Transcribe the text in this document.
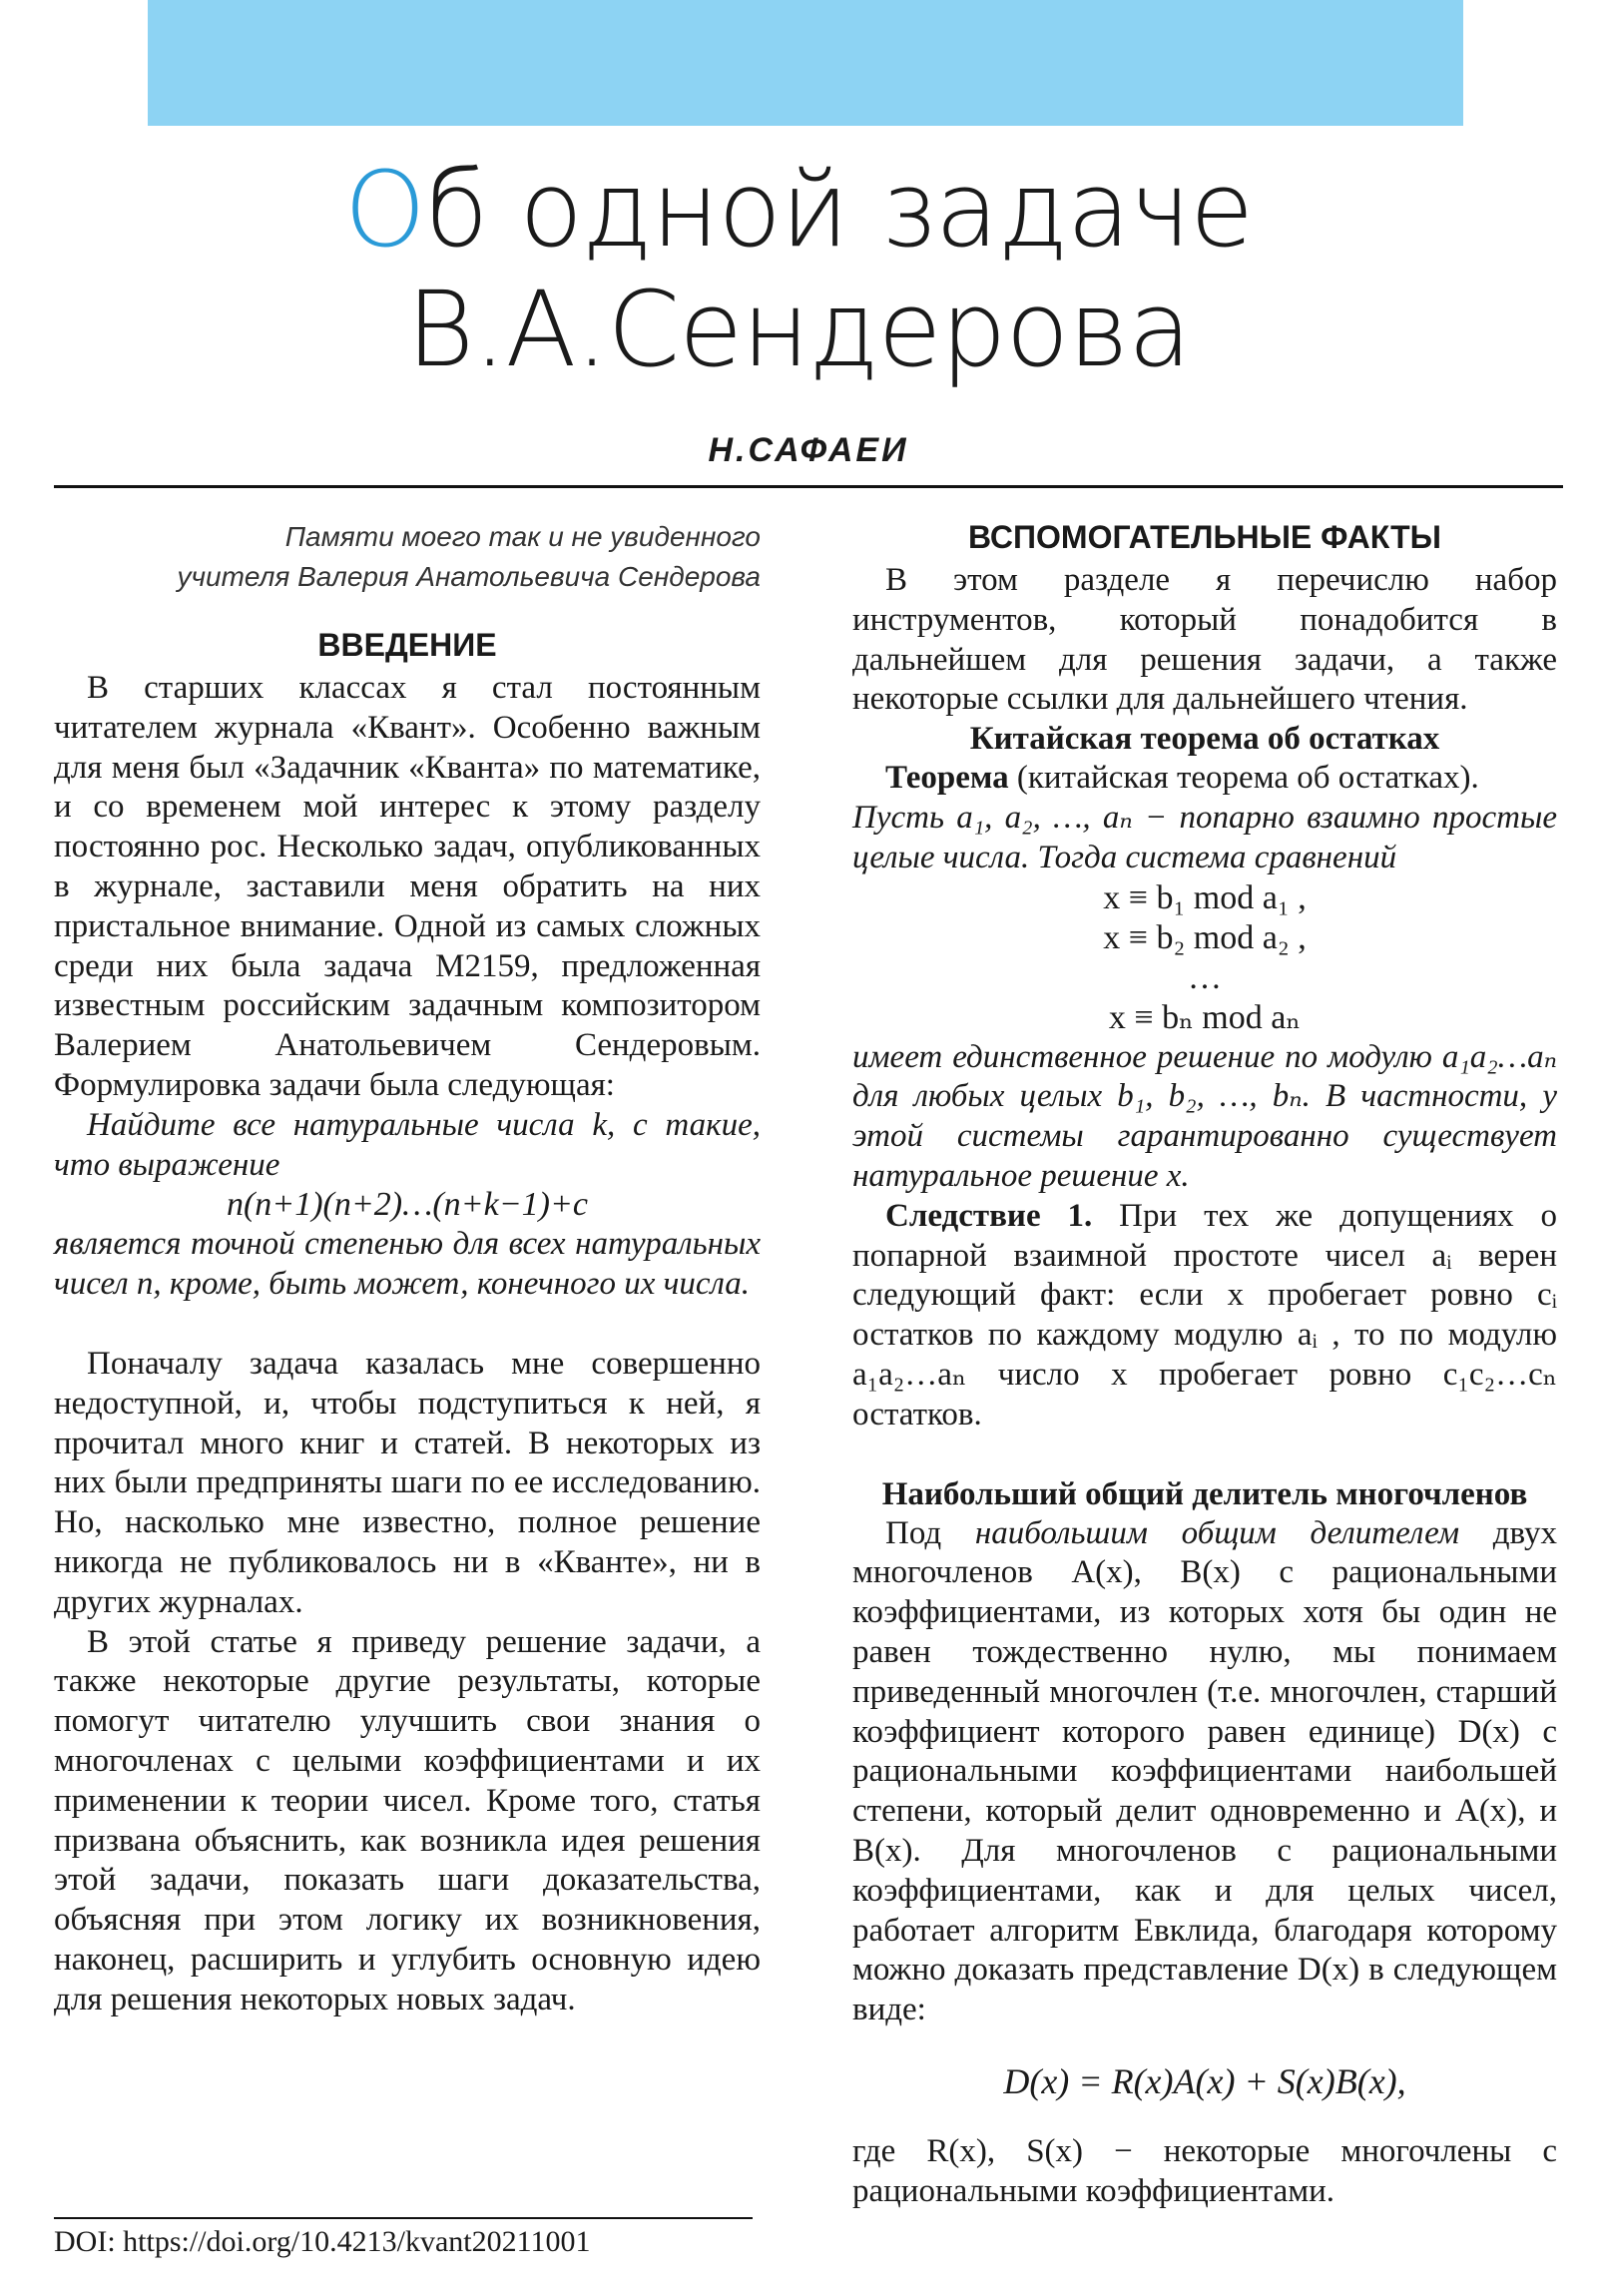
Об одной задаче
В.А.Сендерова
Н.САФАЕИ
Памяти моего так и не увиденного
учителя Валерия Анатольевича Сендерова
ВВЕДЕНИЕ

В старших классах я стал постоянным читателем журнала «Квант». Особенно важным для меня был «Задачник «Кванта» по математике, и со временем мой интерес к этому разделу постоянно рос. Несколько задач, опубликованных в журнале, заставили меня обратить на них пристальное внимание. Одной из самых сложных среди них была задача М2159, предложенная известным российским задачным композитором Валерием Анатольевичем Сендеровым. Формулировка задачи была следующая:

Найдите все натуральные числа k, с такие, что выражение

n(n+1)(n+2)…(n+k−1)+c

является точной степенью для всех натуральных чисел n, кроме, быть может, конечного их числа.

Поначалу задача казалась мне совершенно недоступной, и, чтобы подступиться к ней, я прочитал много книг и статей. В некоторых из них были предприняты шаги по ее исследованию. Но, насколько мне известно, полное решение никогда не публиковалось ни в «Кванте», ни в других журналах.

В этой статье я приведу решение задачи, а также некоторые другие результаты, которые помогут читателю улучшить свои знания о многочленах с целыми коэффициентами и их применении к теории чисел. Кроме того, статья призвана объяснить, как возникла идея решения этой задачи, показать шаги доказательства, объясняя при этом логику их возникновения, наконец, расширить и углубить основную идею для решения некоторых новых задач.

DOI: https://doi.org/10.4213/kvant20211001
ВСПОМОГАТЕЛЬНЫЕ ФАКТЫ

В этом разделе я перечислю набор инструментов, который понадобится в дальнейшем для решения задачи, а также некоторые ссылки для дальнейшего чтения.

Китайская теорема об остатках

Теорема (китайская теорема об остатках).

Пусть a₁, a₂, …, aₙ − попарно взаимно простые целые числа. Тогда система сравнений

x ≡ b₁ mod a₁ ,
x ≡ b₂ mod a₂ ,
…
x ≡ bₙ mod aₙ

имеет единственное решение по модулю a₁a₂…aₙ для любых целых b₁, b₂, …, bₙ. В частности, у этой системы гарантированно существует натуральное решение x.

Следствие 1. При тех же допущениях о попарной взаимной простоте чисел aᵢ верен следующий факт: если x пробегает ровно cᵢ остатков по каждому модулю aᵢ , то по модулю a₁a₂…aₙ число x пробегает ровно c₁c₂…cₙ остатков.

Наибольший общий делитель многочленов

Под наибольшим общим делителем двух многочленов A(x), B(x) с рациональными коэффициентами, из которых хотя бы один не равен тождественно нулю, мы понимаем приведенный многочлен (т.е. многочлен, старший коэффициент которого равен единице) D(x) с рациональными коэффициентами наибольшей степени, который делит одновременно и A(x), и B(x). Для многочленов с рациональными коэффициентами, как и для целых чисел, работает алгоритм Евклида, благодаря которому можно доказать представление D(x) в следующем виде:

D(x) = R(x)A(x) + S(x)B(x),

где R(x), S(x) − некоторые многочлены с рациональными коэффициентами.
